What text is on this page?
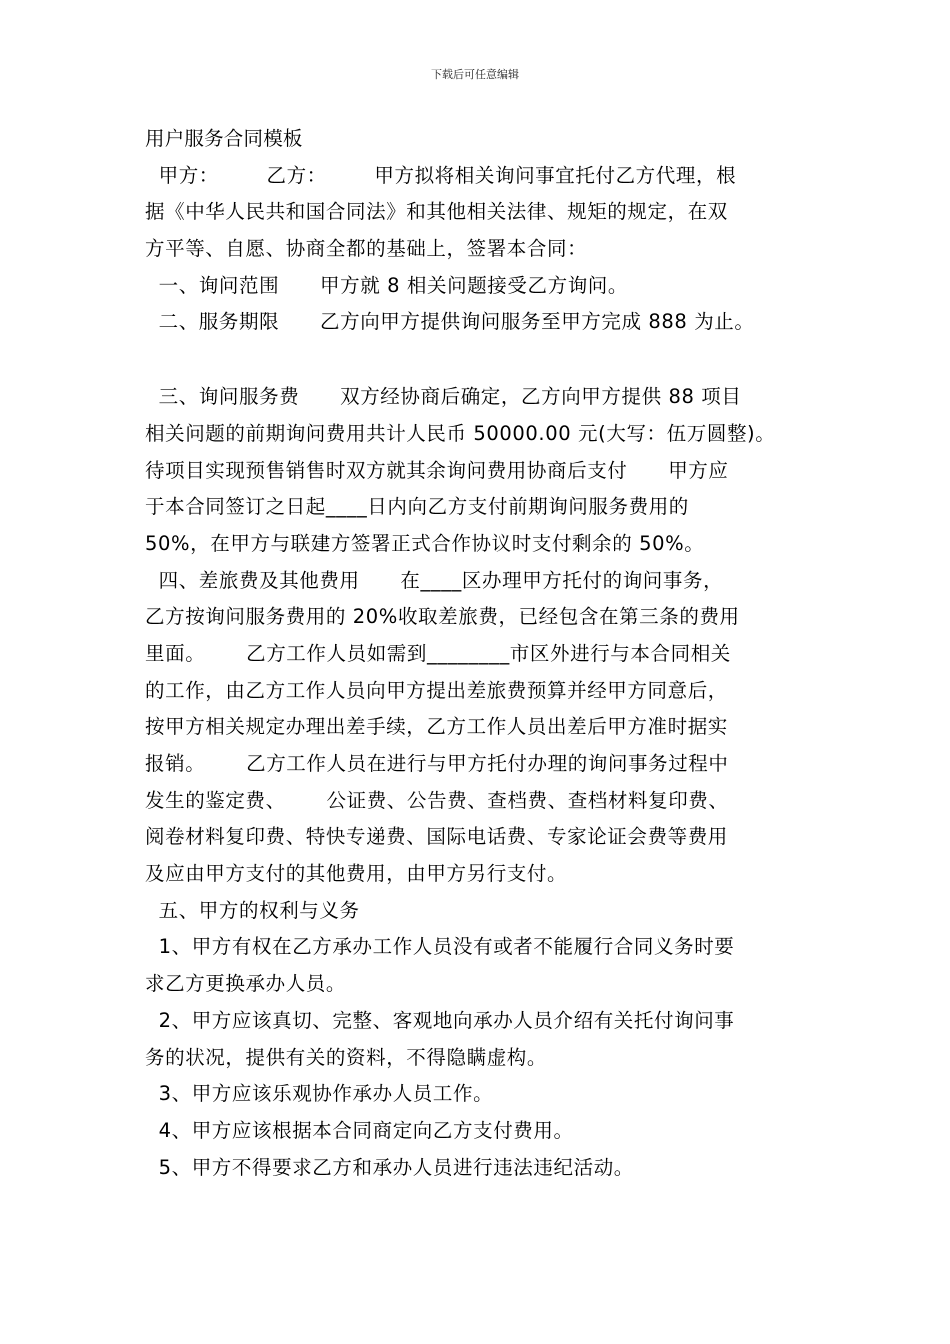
下载后可任意编辑
用户服务合同模板
甲方：       乙方：       甲方拟将相关询问事宜托付乙方代理，根
据《中华人民共和国合同法》和其他相关法律、规矩的规定，在双
方平等、自愿、协商全都的基础上，签署本合同：
一、询问范围      甲方就 8 相关问题接受乙方询问。
二、服务期限      乙方向甲方提供询问服务至甲方完成 888 为止。
三、询问服务费      双方经协商后确定，乙方向甲方提供 88 项目
相关问题的前期询问费用共计人民币 50000.00 元(大写：伍万圆整)。
待项目实现预售销售时双方就其余询问费用协商后支付      甲方应
于本合同签订之日起____日内向乙方支付前期询问服务费用的
50%，在甲方与联建方签署正式合作协议时支付剩余的 50%。
四、差旅费及其他费用      在____区办理甲方托付的询问事务，
乙方按询问服务费用的 20%收取差旅费，已经包含在第三条的费用
里面。      乙方工作人员如需到________市区外进行与本合同相关
的工作，由乙方工作人员向甲方提出差旅费预算并经甲方同意后，
按甲方相关规定办理出差手续，乙方工作人员出差后甲方准时据实
报销。      乙方工作人员在进行与甲方托付办理的询问事务过程中
发生的鉴定费、      公证费、公告费、查档费、查档材料复印费、
阅卷材料复印费、特快专递费、国际电话费、专家论证会费等费用
及应由甲方支付的其他费用，由甲方另行支付。
五、甲方的权利与义务
1、甲方有权在乙方承办工作人员没有或者不能履行合同义务时要
求乙方更换承办人员。
2、甲方应该真切、完整、客观地向承办人员介绍有关托付询问事
务的状况，提供有关的资料，不得隐瞒虚构。
3、甲方应该乐观协作承办人员工作。
4、甲方应该根据本合同商定向乙方支付费用。
5、甲方不得要求乙方和承办人员进行违法违纪活动。
